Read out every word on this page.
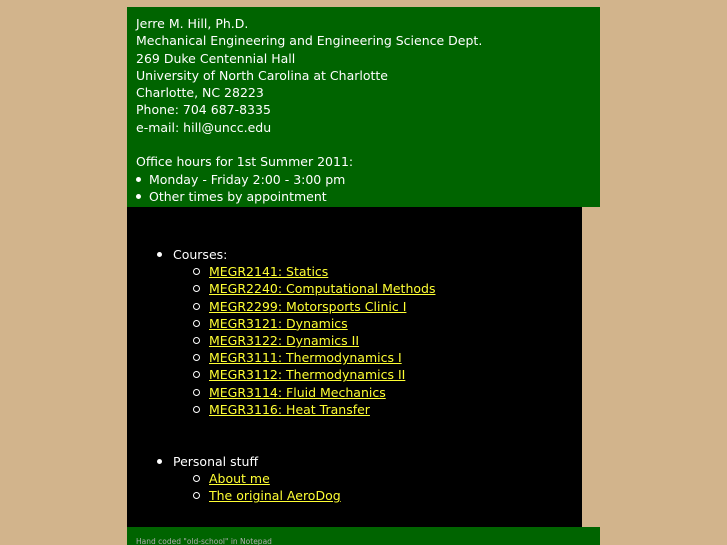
Jerre M. Hill, Ph.D.
Mechanical Engineering and Engineering Science Dept.
269 Duke Centennial Hall
University of North Carolina at Charlotte
Charlotte, NC 28223
Phone: 704 687-8335
e-mail: hill@uncc.edu
Office hours for 1st Summer 2011:
Monday - Friday 2:00 - 3:00 pm
Other times by appointment
Courses:
MEGR2141: Statics
MEGR2240: Computational Methods
MEGR2299: Motorsports Clinic I
MEGR3121: Dynamics
MEGR3122: Dynamics II
MEGR3111: Thermodynamics I
MEGR3112: Thermodynamics II
MEGR3114: Fluid Mechanics
MEGR3116: Heat Transfer
Personal stuff
About me
The original AeroDog
Hand coded "old-school" in Notepad
